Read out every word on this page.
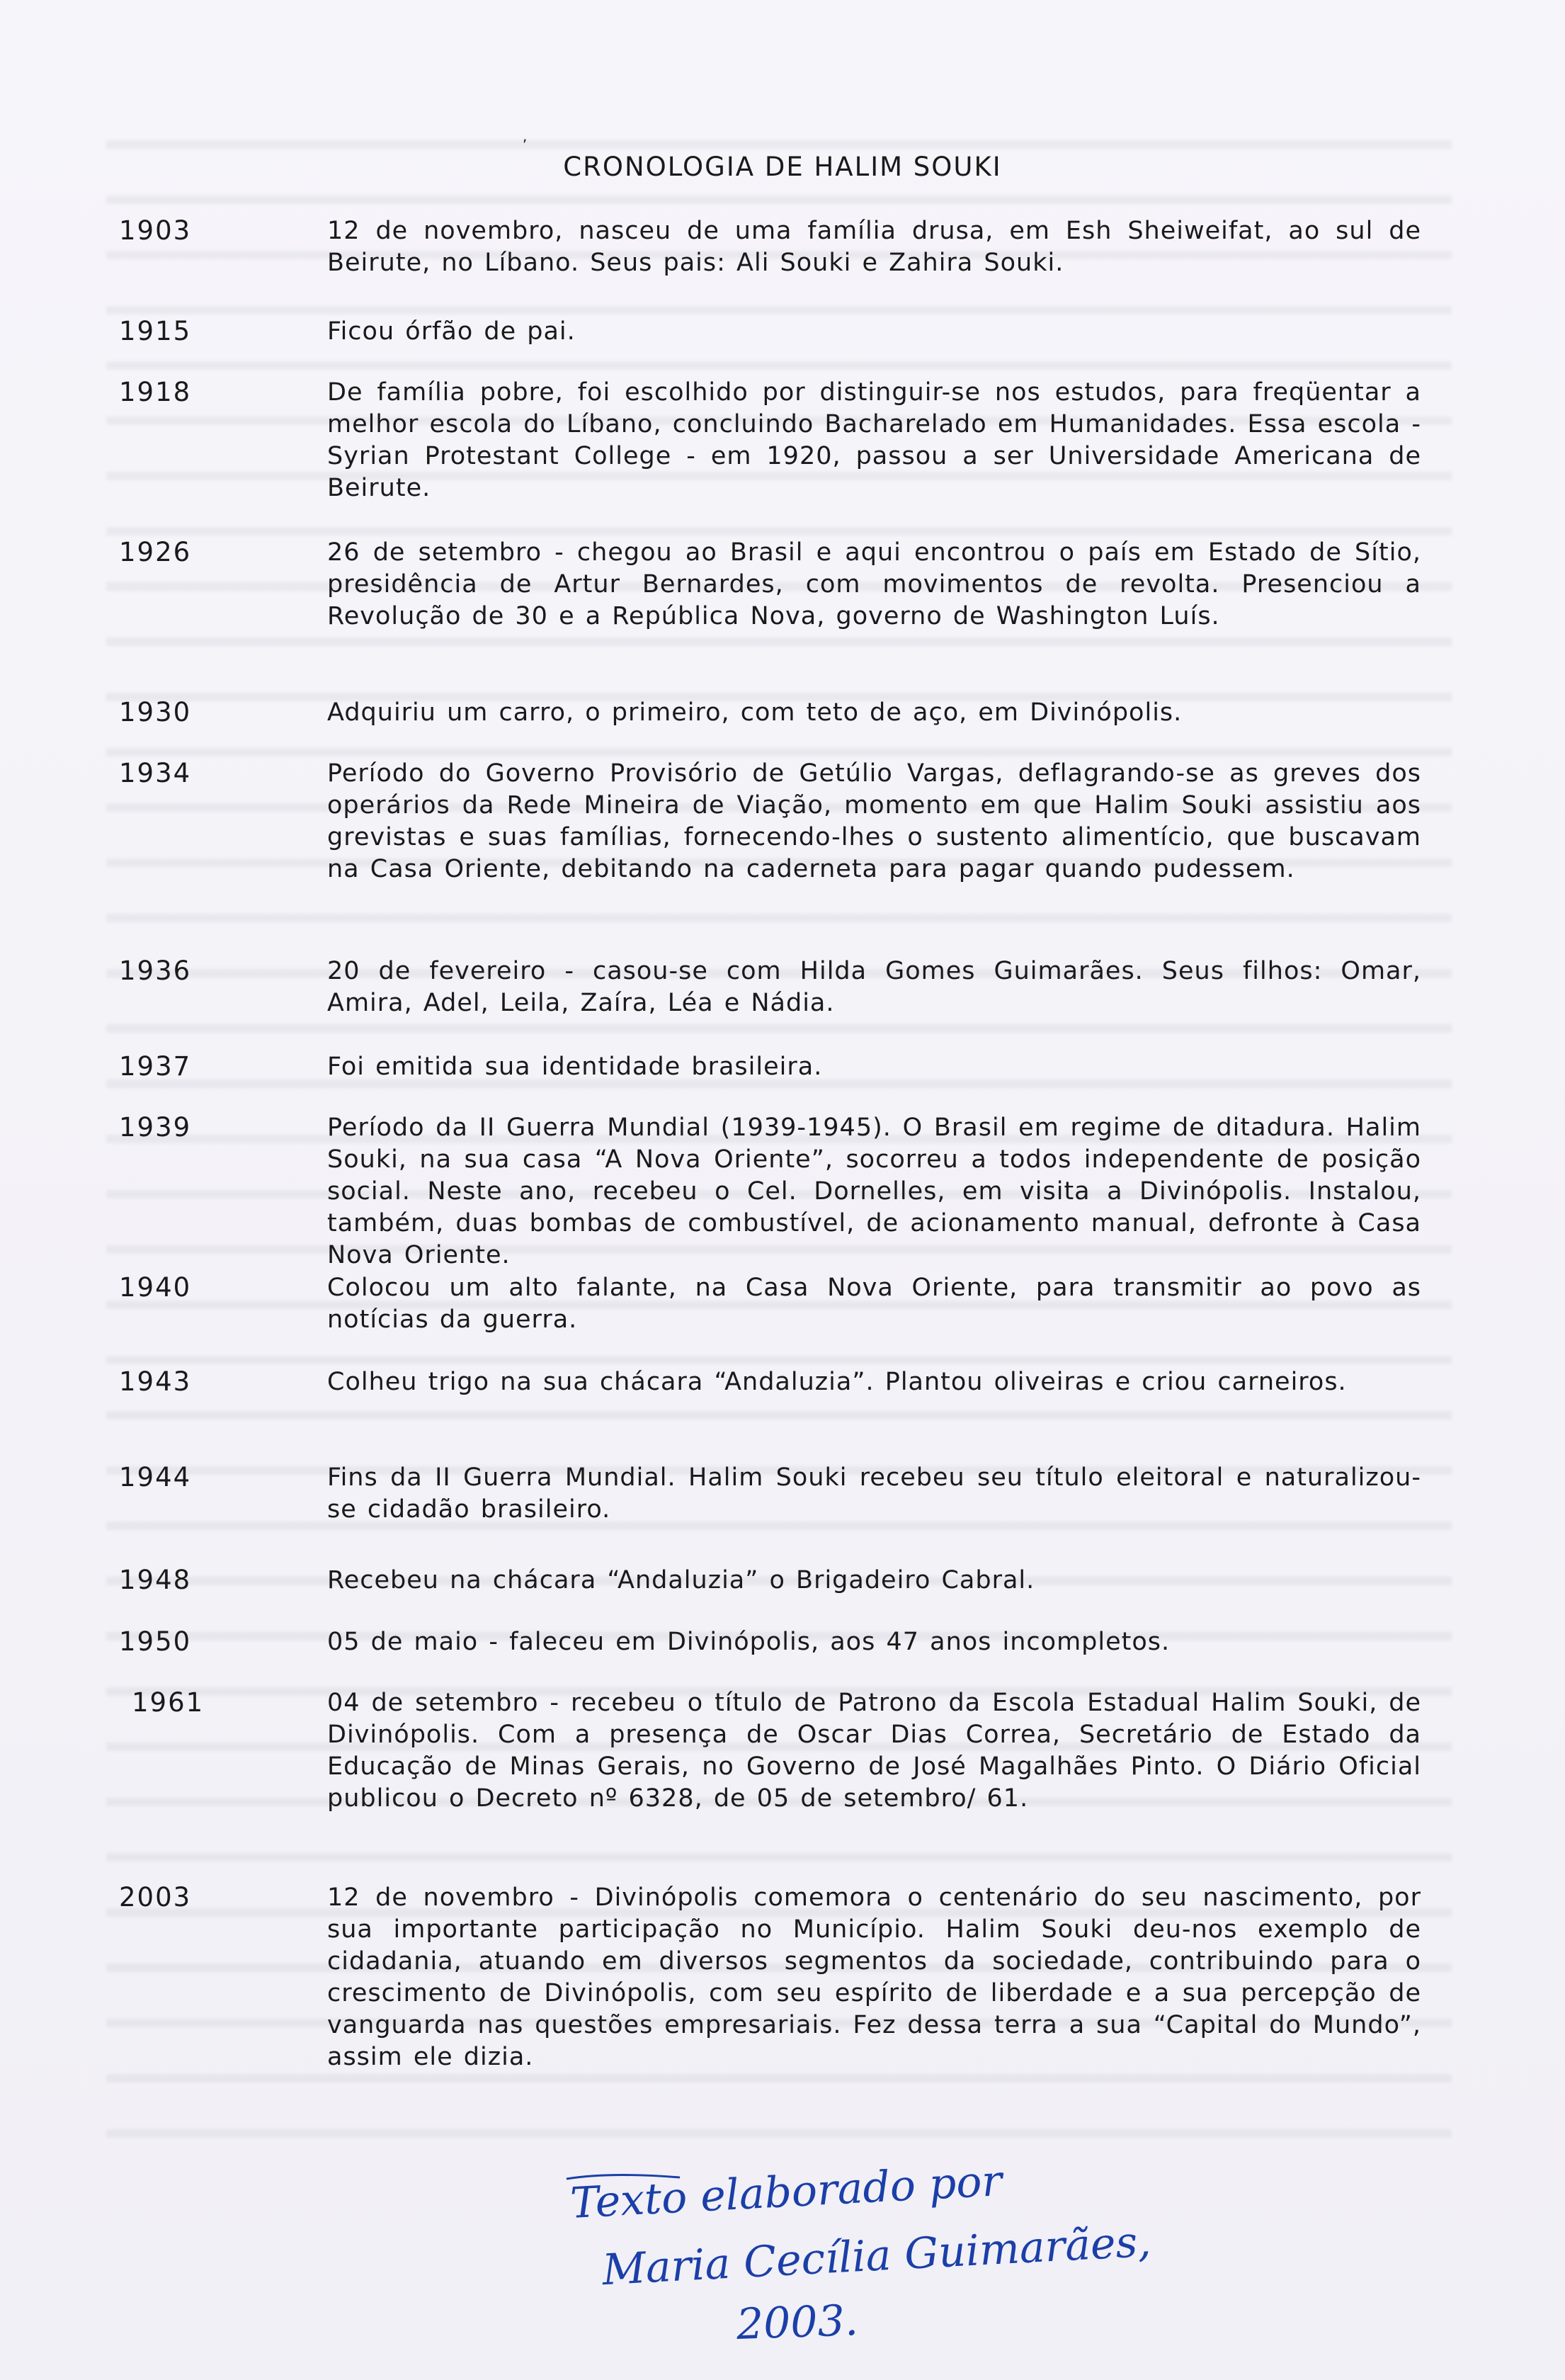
,
CRONOLOGIA DE HALIM SOUKI
1903	12 de novembro, nasceu de uma família drusa, em Esh Sheiweifat, ao sul de Beirute, no Líbano. Seus pais: Ali Souki e Zahira Souki.
1915	Ficou órfão de pai.
1918	De família pobre, foi escolhido por distinguir-se nos estudos, para freqüentar a melhor escola do Líbano, concluindo Bacharelado em Humanidades. Essa escola - Syrian Protestant College - em 1920, passou a ser Universidade Americana de Beirute.
1926	26 de setembro - chegou ao Brasil e aqui encontrou o país em Estado de Sítio, presidência de Artur Bernardes, com movimentos de revolta. Presenciou a Revolução de 30 e a República Nova, governo de Washington Luís.
1930	Adquiriu um carro, o primeiro, com teto de aço, em Divinópolis.
1934	Período do Governo Provisório de Getúlio Vargas, deflagrando-se as greves dos operários da Rede Mineira de Viação, momento em que Halim Souki assistiu aos grevistas e suas famílias, fornecendo-lhes o sustento alimentício, que buscavam na Casa Oriente, debitando na caderneta para pagar quando pudessem.
1936	20 de fevereiro - casou-se com Hilda Gomes Guimarães. Seus filhos: Omar, Amira, Adel, Leila, Zaíra, Léa e Nádia.
1937	Foi emitida sua identidade brasileira.
1939	Período da II Guerra Mundial (1939-1945). O Brasil em regime de ditadura. Halim Souki, na sua casa “A Nova Oriente”, socorreu a todos independente de posição social. Neste ano, recebeu o Cel. Dornelles, em visita a Divinópolis. Instalou, também, duas bombas de combustível, de acionamento manual, defronte à Casa Nova Oriente.
1940	Colocou um alto falante, na Casa Nova Oriente, para transmitir ao povo as notícias da guerra.
1943	Colheu trigo na sua chácara “Andaluzia”. Plantou oliveiras e criou carneiros.
1944	Fins da II Guerra Mundial. Halim Souki recebeu seu título eleitoral e naturalizou-se cidadão brasileiro.
1948	Recebeu na chácara “Andaluzia” o Brigadeiro Cabral.
1950	05 de maio - faleceu em Divinópolis, aos 47 anos incompletos.
1961	04 de setembro - recebeu o título de Patrono da Escola Estadual Halim Souki, de Divinópolis. Com a presença de Oscar Dias Correa, Secretário de Estado da Educação de Minas Gerais, no Governo de José Magalhães Pinto. O Diário Oficial publicou o Decreto nº 6328, de 05 de setembro/ 61.
2003	12 de novembro - Divinópolis comemora o centenário do seu nascimento, por sua importante participação no Município. Halim Souki deu-nos exemplo de cidadania, atuando em diversos segmentos da sociedade, contribuindo para o crescimento de Divinópolis, com seu espírito de liberdade e a sua percepção de vanguarda nas questões empresariais. Fez dessa terra a sua “Capital do Mundo”, assim ele dizia.
Texto elaborado por
Maria Cecília Guimarães,
2003.
